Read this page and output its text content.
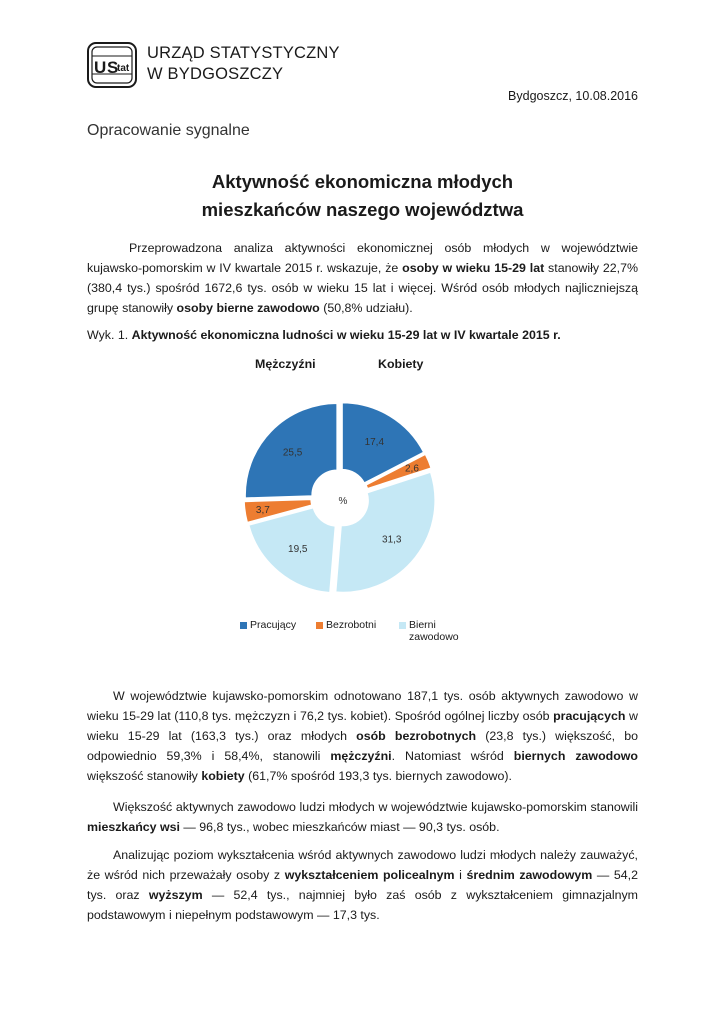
U S
tat
URZĄD STATYSTYCZNY
W BYDGOSZCZY
Bydgoszcz, 10.08.2016
Opracowanie sygnalne
Aktywność ekonomiczna młodych
mieszkańców naszego województwa
Przeprowadzona analiza aktywności ekonomicznej osób młodych w województwie kujawsko-pomorskim w IV kwartale 2015 r. wskazuje, że osoby w wieku 15-29 lat stanowiły 22,7% (380,4 tys.) spośród 1672,6 tys. osób w wieku 15 lat i więcej. Wśród osób młodych najliczniejszą grupę stanowiły osoby bierne zawodowo (50,8% udziału).
Wyk. 1. Aktywność ekonomiczna ludności w wieku 15-29 lat w IV kwartale 2015 r.
Mężczyźni	Kobiety
%
17,4
2,6
31,3
19,5
3,7
25,5
Pracujący	Bezrobotni	Bierni
zawodowo
W województwie kujawsko-pomorskim odnotowano 187,1 tys. osób aktywnych zawodowo w wieku 15-29 lat (110,8 tys. mężczyzn i 76,2 tys. kobiet). Spośród ogólnej liczby osób pracujących w wieku 15-29 lat (163,3 tys.) oraz młodych osób bezrobotnych (23,8 tys.) większość, bo odpowiednio 59,3% i 58,4%, stanowili mężczyźni. Natomiast wśród biernych zawodowo większość stanowiły kobiety (61,7% spośród 193,3 tys. biernych zawodowo).
Większość aktywnych zawodowo ludzi młodych w województwie kujawsko-pomorskim stanowili mieszkańcy wsi — 96,8 tys., wobec mieszkańców miast — 90,3 tys. osób.
Analizując poziom wykształcenia wśród aktywnych zawodowo ludzi młodych należy zauważyć, że wśród nich przeważały osoby z wykształceniem policealnym i średnim zawodowym — 54,2 tys. oraz wyższym — 52,4 tys., najmniej było zaś osób z wykształceniem gimnazjalnym podstawowym i niepełnym podstawowym — 17,3 tys.
